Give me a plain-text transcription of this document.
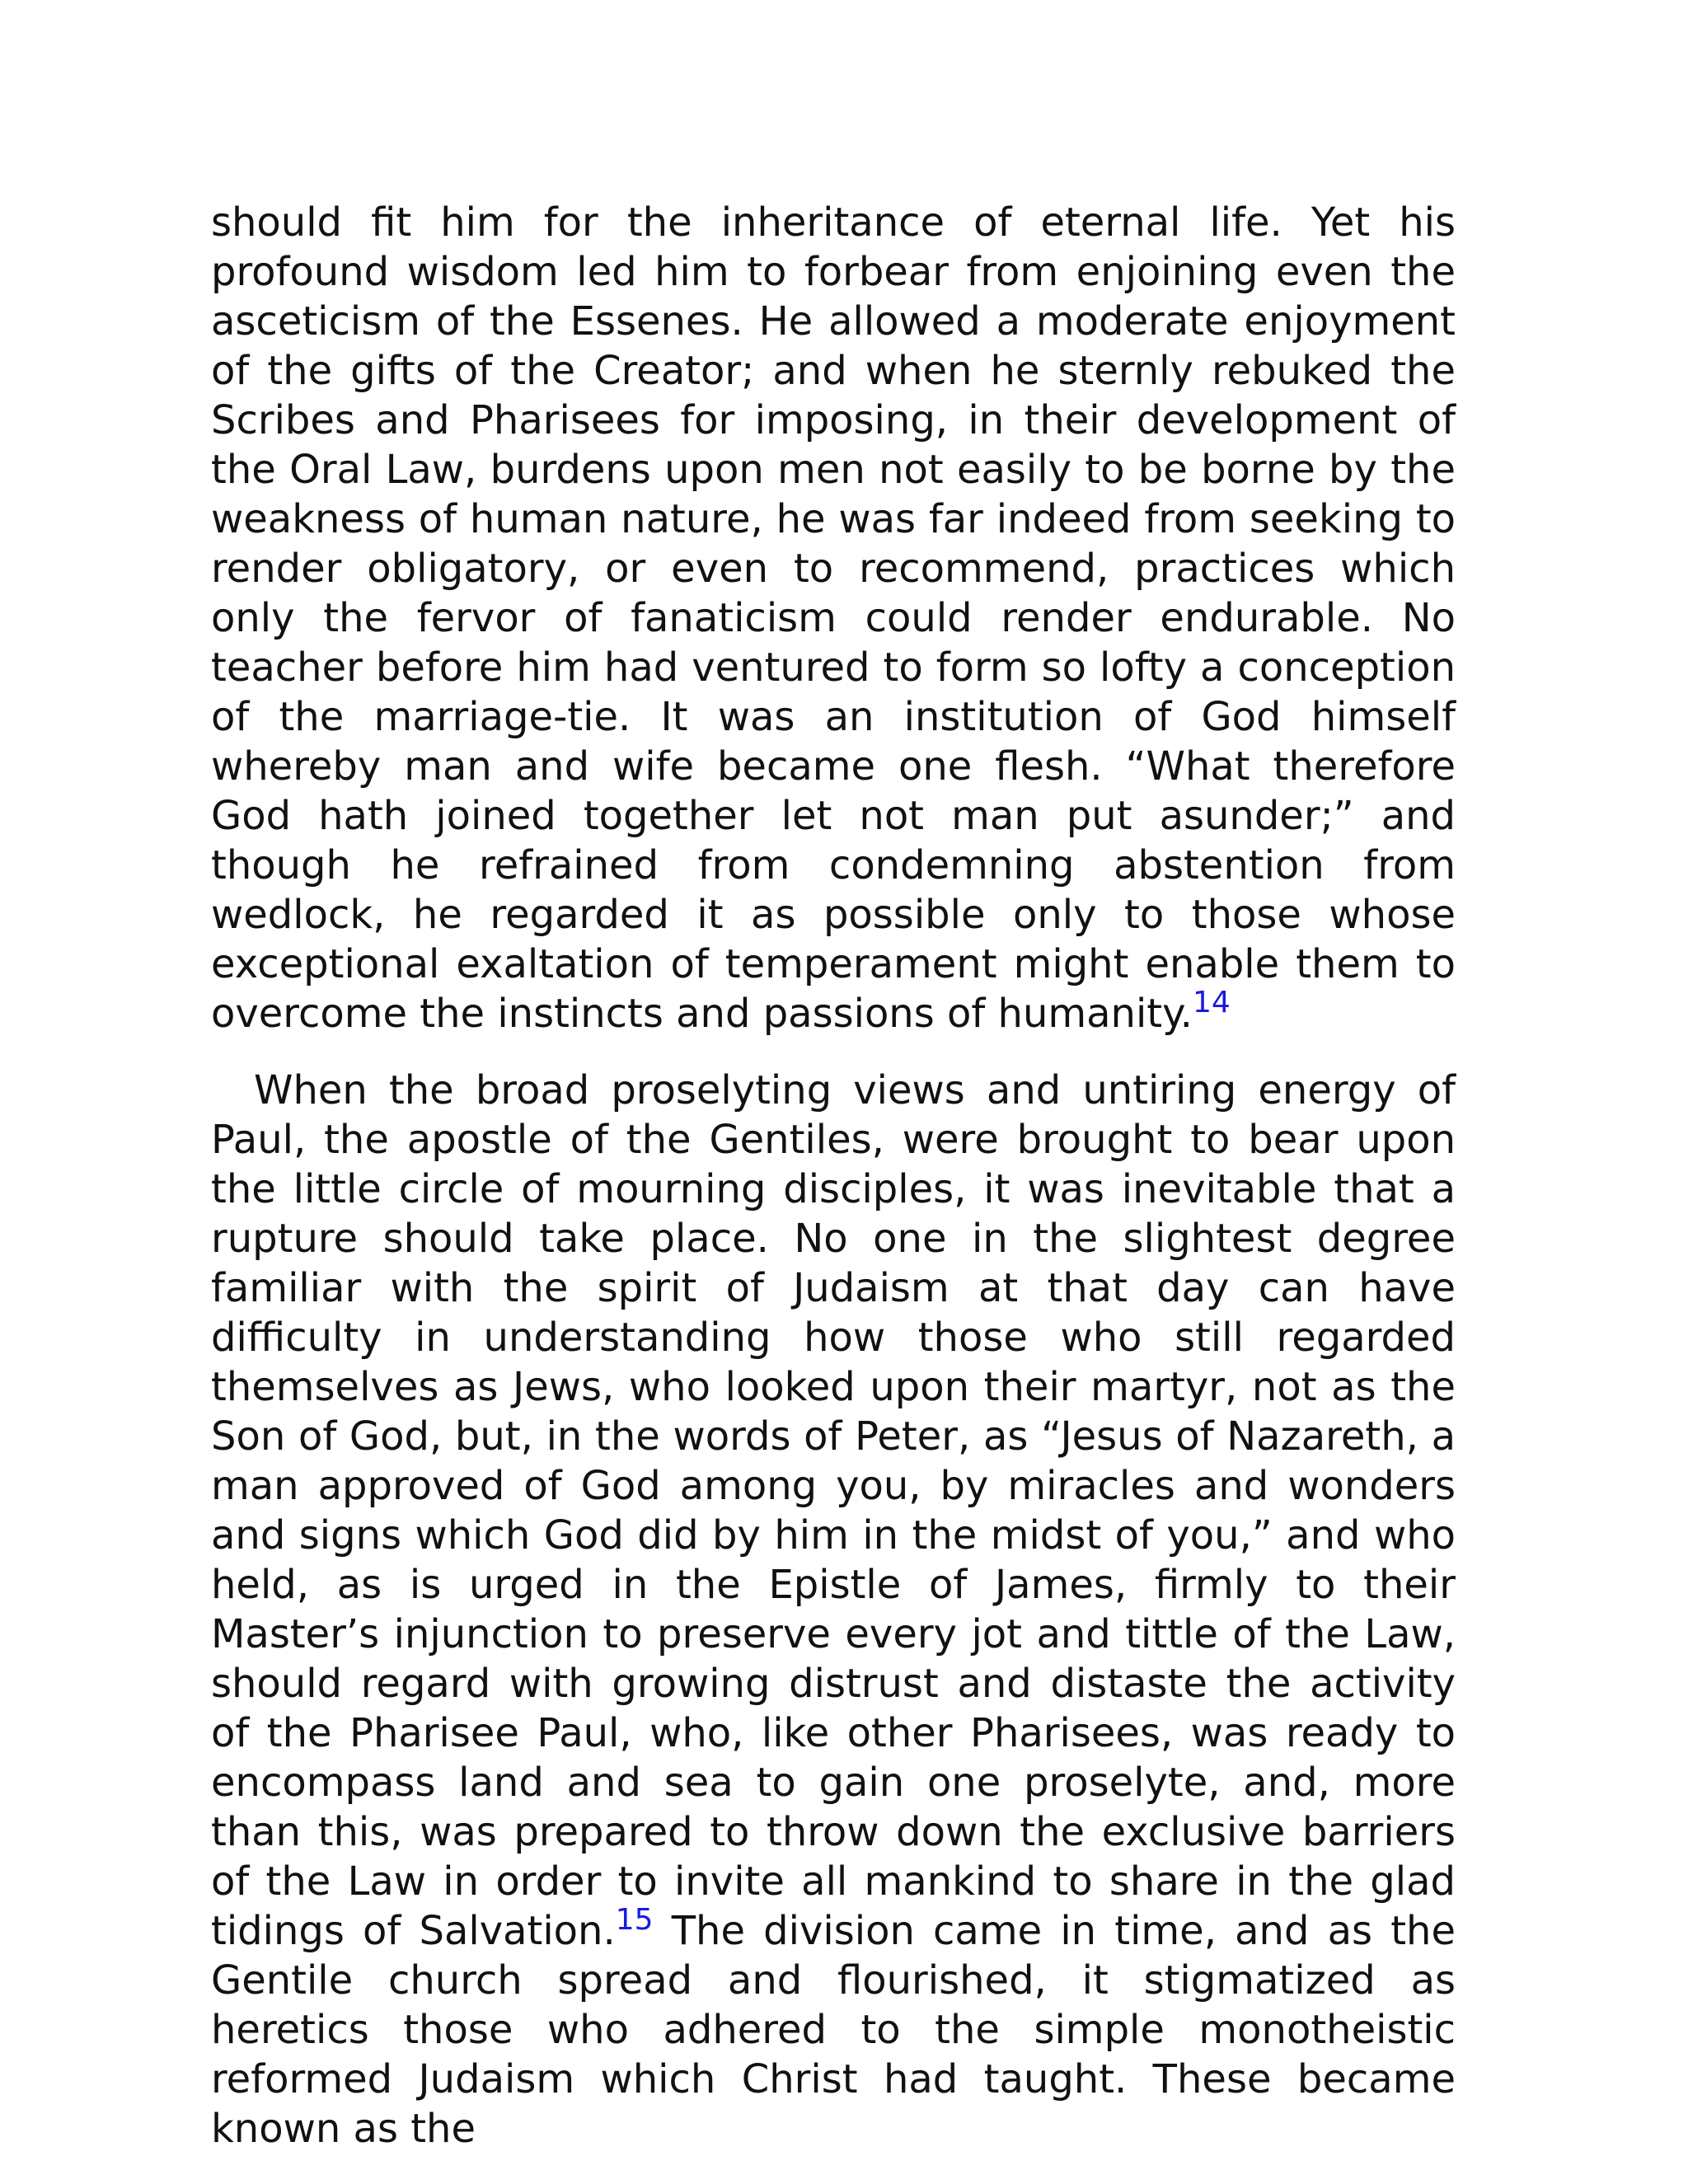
should fit him for the inheritance of eternal life. Yet his profound wisdom led him to forbear from enjoining even the asceticism of the Essenes. He allowed a moderate enjoyment of the gifts of the Creator; and when he sternly rebuked the Scribes and Pharisees for imposing, in their development of the Oral Law, burdens upon men not easily to be borne by the weakness of human nature, he was far indeed from seeking to render obligatory, or even to recommend, practices which only the fervor of fanaticism could render endurable. No teacher before him had ventured to form so lofty a conception of the marriage-tie. It was an institution of God himself whereby man and wife became one flesh. “What therefore God hath joined together let not man put asunder;” and though he refrained from condemning abstention from wedlock, he regarded it as possible only to those whose exceptional exaltation of temperament might enable them to overcome the instincts and passions of humanity.$^{14}$

When the broad proselyting views and untiring energy of Paul, the apostle of the Gentiles, were brought to bear upon the little circle of mourning disciples, it was inevitable that a rupture should take place. No one in the slightest degree familiar with the spirit of Judaism at that day can have difficulty in understanding how those who still regarded themselves as Jews, who looked upon their martyr, not as the Son of God, but, in the words of Peter, as “Jesus of Nazareth, a man approved of God among you, by miracles and wonders and signs which God did by him in the midst of you,” and who held, as is urged in the Epistle of James, firmly to their Master’s injunction to preserve every jot and tittle of the Law, should regard with growing distrust and distaste the activity of the Pharisee Paul, who, like other Pharisees, was ready to encompass land and sea to gain one proselyte, and, more than this, was prepared to throw down the exclusive barriers of the Law in order to invite all mankind to share in the glad tidings of Salvation.$^{15}$ The division came in time, and as the Gentile church spread and flourished, it stigmatized as heretics those who adhered to the simple monotheistic reformed Judaism which Christ had taught. These became known as the
